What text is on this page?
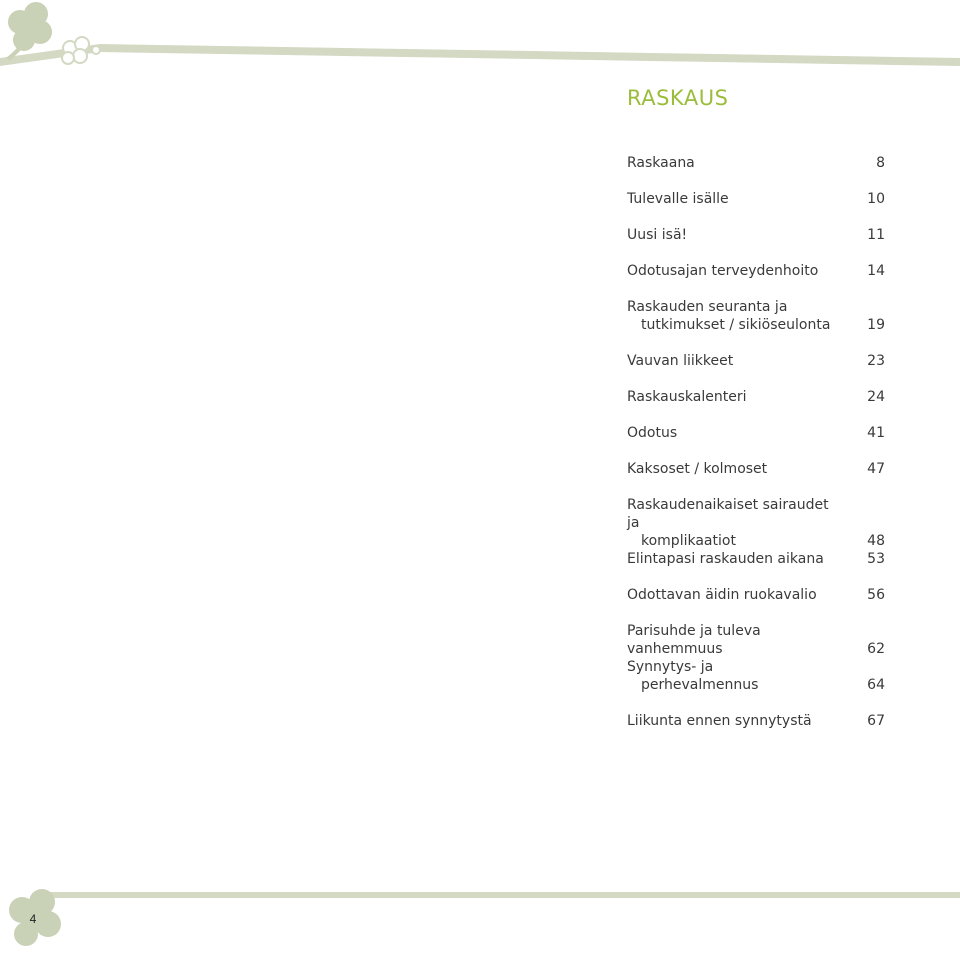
RASKAUS
Raskaana	8
Tulevalle isälle	10
Uusi isä!	11
Odotusajan terveydenhoito	14
Raskauden seuranta ja
tutkimukset / sikiöseulonta	19
Vauvan liikkeet	23
Raskauskalenteri	24
Odotus	41
Kaksoset / kolmoset	47
Raskaudenaikaiset sairaudet ja
komplikaatiot	48
Elintapasi raskauden aikana	53
Odottavan äidin ruokavalio	56
Parisuhde ja tuleva vanhemmuus	62
Synnytys- ja
perhevalmennus	64
Liikunta ennen synnytystä	67
4
